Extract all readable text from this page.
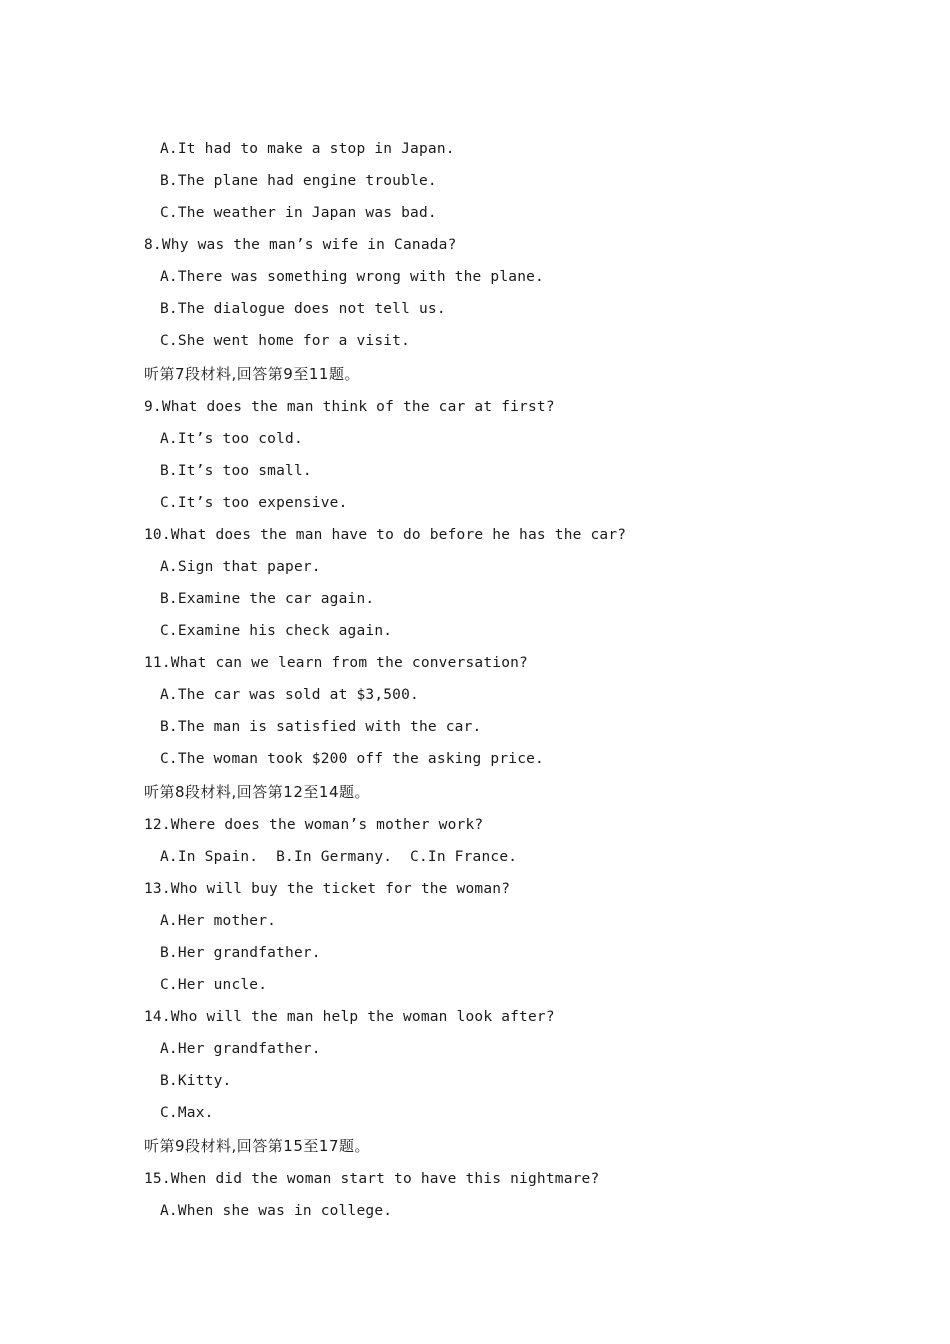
A.It had to make a stop in Japan.
B.The plane had engine trouble.
C.The weather in Japan was bad.
8.Why was the man’s wife in Canada?
A.There was something wrong with the plane.
B.The dialogue does not tell us.
C.She went home for a visit.
听第7段材料,回答第9至11题。
9.What does the man think of the car at first?
A.It’s too cold.
B.It’s too small.
C.It’s too expensive.
10.What does the man have to do before he has the car?
A.Sign that paper.
B.Examine the car again.
C.Examine his check again.
11.What can we learn from the conversation?
A.The car was sold at $3,500.
B.The man is satisfied with the car.
C.The woman took $200 off the asking price.
听第8段材料,回答第12至14题。
12.Where does the woman’s mother work?
A.In Spain.  B.In Germany.  C.In France.
13.Who will buy the ticket for the woman?
A.Her mother.
B.Her grandfather.
C.Her uncle.
14.Who will the man help the woman look after?
A.Her grandfather.
B.Kitty.
C.Max.
听第9段材料,回答第15至17题。
15.When did the woman start to have this nightmare?
A.When she was in college.
